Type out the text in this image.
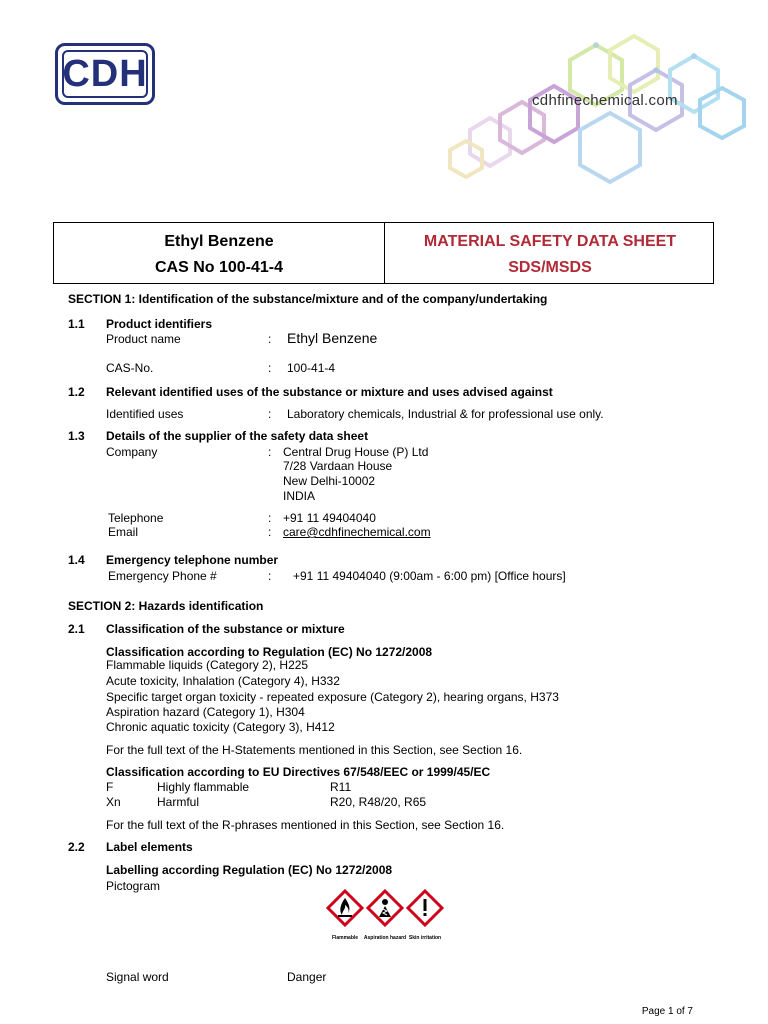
CDH
cdhfinechemical.com
Ethyl Benzene
CAS No 100-41-4
MATERIAL SAFETY DATA SHEET
SDS/MSDS
SECTION 1: Identification of the substance/mixture and of the company/undertaking
1.1 Product identifiers
Product name	: Ethyl Benzene
CAS-No.	: 100-41-4
1.2 Relevant identified uses of the substance or mixture and uses advised against
Identified uses	: Laboratory chemicals, Industrial & for professional use only.
1.3 Details of the supplier of the safety data sheet
Company	: Central Drug House (P) Ltd
7/28 Vardaan House
New Delhi-10002
INDIA
Telephone	: +91 11 49404040
Email	: care@cdhfinechemical.com
1.4 Emergency telephone number
Emergency Phone #	: +91 11 49404040 (9:00am - 6:00 pm) [Office hours]
SECTION 2: Hazards identification
2.1 Classification of the substance or mixture
Classification according to Regulation (EC) No 1272/2008
Flammable liquids (Category 2), H225
Acute toxicity, Inhalation (Category 4), H332
Specific target organ toxicity - repeated exposure (Category 2), hearing organs, H373
Aspiration hazard (Category 1), H304
Chronic aquatic toxicity (Category 3), H412
For the full text of the H-Statements mentioned in this Section, see Section 16.
Classification according to EU Directives 67/548/EEC or 1999/45/EC
F	Highly flammable	R11
Xn	Harmful	R20, R48/20, R65
For the full text of the R-phrases mentioned in this Section, see Section 16.
2.2 Label elements
Labelling according Regulation (EC) No 1272/2008
Pictogram
Flammable Aspiration hazard Skin irritation
Signal word	Danger
Page 1 of 7
